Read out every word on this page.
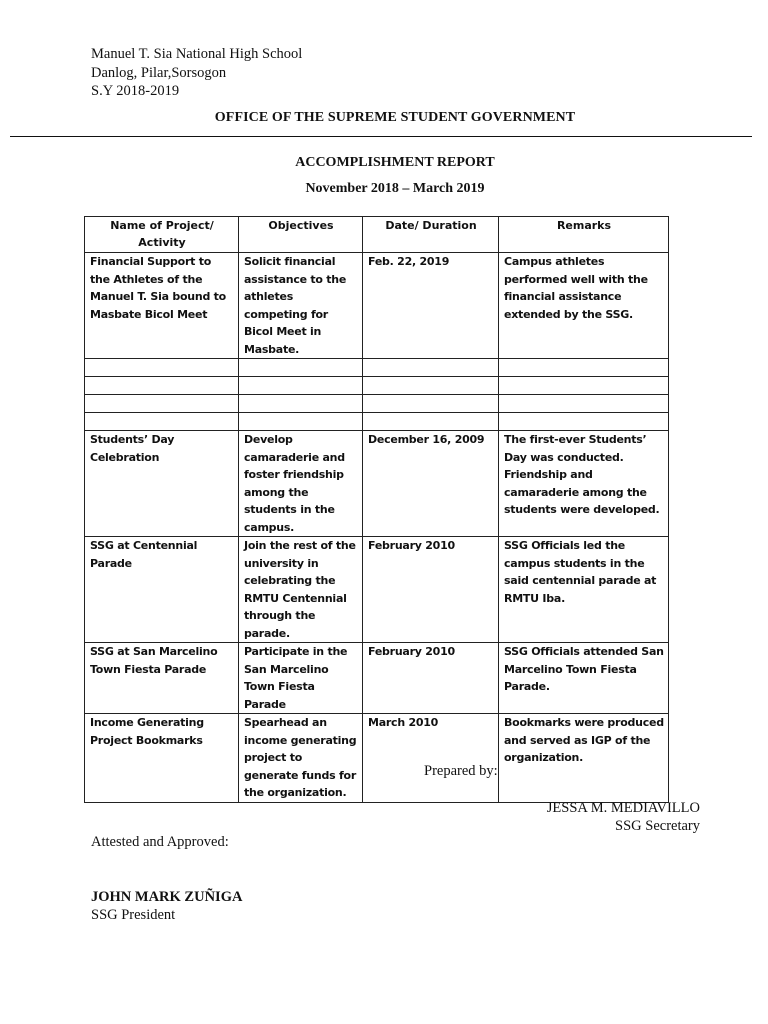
Manuel T. Sia National High School
Danlog, Pilar,Sorsogon
S.Y 2018-2019
OFFICE OF THE SUPREME STUDENT GOVERNMENT
ACCOMPLISHMENT REPORT
November 2018 – March 2019
Name of Project/ Activity	Objectives	Date/ Duration	Remarks
Financial Support to the Athletes of the Manuel T. Sia bound to Masbate Bicol Meet	Solicit financial assistance to the athletes competing for Bicol Meet in Masbate.	Feb. 22, 2019	Campus athletes performed well with the financial assistance extended by the SSG.

Students’ Day Celebration	Develop camaraderie and foster friendship among the students in the campus.	December 16, 2009	The first-ever Students’ Day was conducted. Friendship and camaraderie among the students were developed.
SSG at Centennial Parade	Join the rest of the university in celebrating the RMTU Centennial through the parade.	February 2010	SSG Officials led the campus students in the said centennial parade at RMTU Iba.
SSG at San Marcelino Town Fiesta Parade	Participate in the San Marcelino Town Fiesta Parade	February 2010	SSG Officials attended San Marcelino Town Fiesta Parade.
Income Generating Project Bookmarks	Spearhead an income generating project to generate funds for the organization.	March 2010	Bookmarks were produced and served as IGP of the organization.
Prepared by:
JESSA M. MEDIAVILLO
SSG Secretary
Attested and Approved:
JOHN MARK ZUÑIGA
SSG President
